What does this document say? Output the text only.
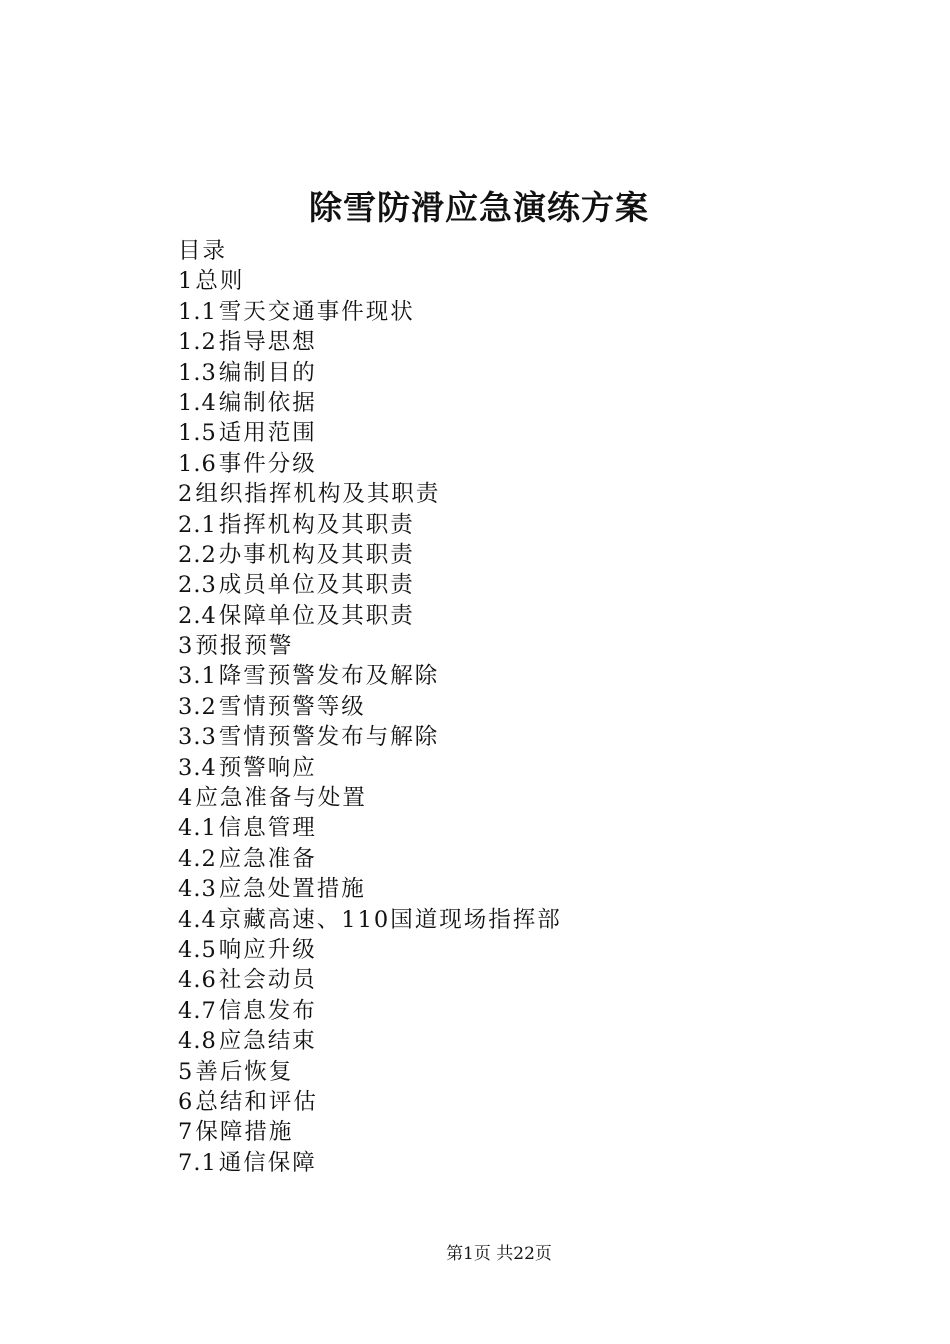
除雪防滑应急演练方案
目录
1总则
1.1雪天交通事件现状
1.2指导思想
1.3编制目的
1.4编制依据
1.5适用范围
1.6事件分级
2组织指挥机构及其职责
2.1指挥机构及其职责
2.2办事机构及其职责
2.3成员单位及其职责
2.4保障单位及其职责
3预报预警
3.1降雪预警发布及解除
3.2雪情预警等级
3.3雪情预警发布与解除
3.4预警响应
4应急准备与处置
4.1信息管理
4.2应急准备
4.3应急处置措施
4.4京藏高速、110国道现场指挥部
4.5响应升级
4.6社会动员
4.7信息发布
4.8应急结束
5善后恢复
6总结和评估
7保障措施
7.1通信保障
第1页 共22页
